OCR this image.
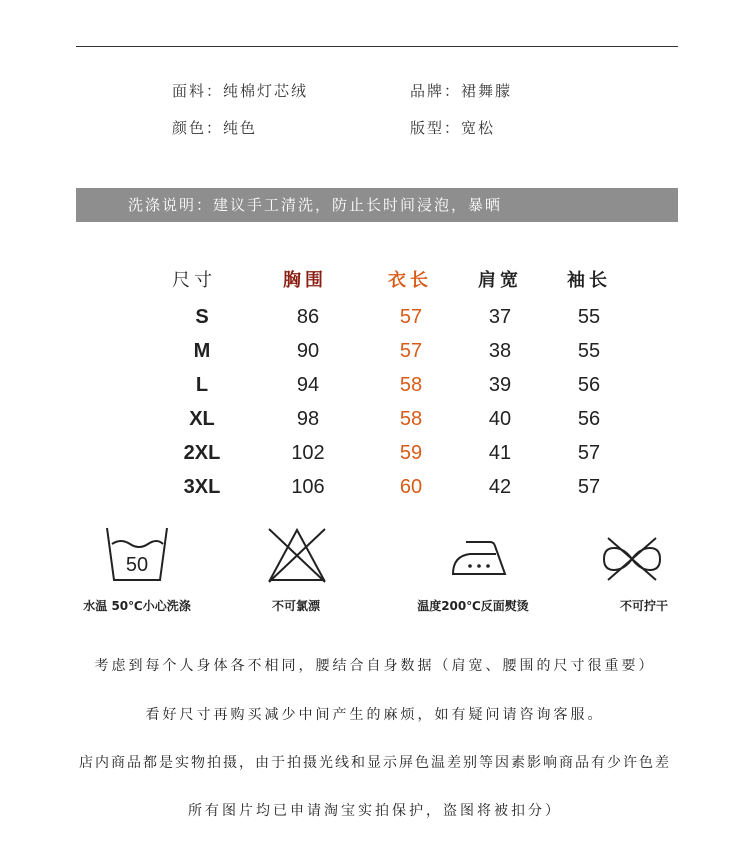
面料：纯棉灯芯绒	品牌：裙舞朦
颜色：纯色	版型：宽松
洗涤说明：建议手工清洗，防止长时间浸泡，暴晒
尺寸	胸围	衣长	肩宽	袖长
S	86	57	37	55
M	90	57	38	55
L	94	58	39	56
XL	98	58	40	56
2XL	102	59	41	57
3XL	106	60	42	57
50
水温 50℃小心洗涤	不可氯漂	温度200℃反面熨烫	不可拧干
考虑到每个人身体各不相同，腰结合自身数据（肩宽、腰围的尺寸很重要）
看好尺寸再购买减少中间产生的麻烦，如有疑问请咨询客服。
店内商品都是实物拍摄，由于拍摄光线和显示屏色温差别等因素影响商品有少许色差
所有图片均已申请淘宝实拍保护，盗图将被扣分）
